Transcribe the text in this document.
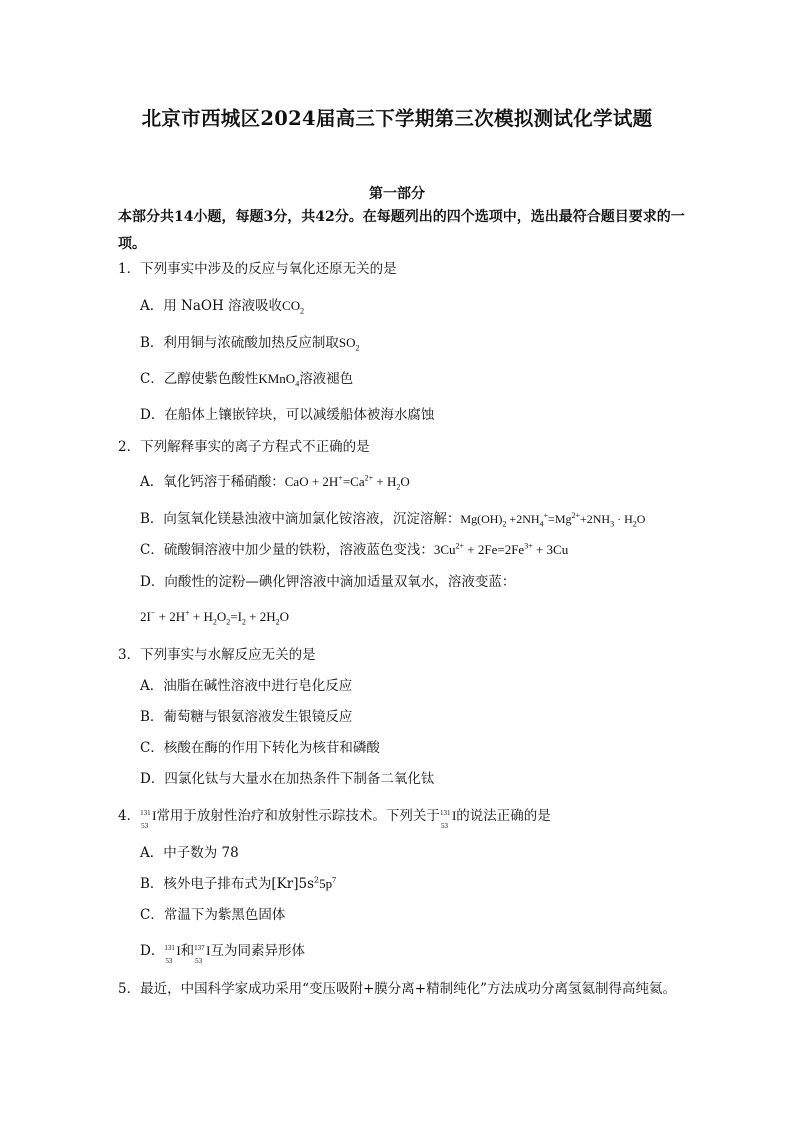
北京市西城区2024届高三下学期第三次模拟测试化学试题
第一部分
本部分共14小题，每题3分，共42分。在每题列出的四个选项中，选出最符合题目要求的一项。
1．下列事实中涉及的反应与氧化还原无关的是
A．用 NaOH 溶液吸收$CO_2$
B．利用铜与浓硫酸加热反应制取$SO_2$
C．乙醇使紫色酸性KMnO$_4$溶液褪色
D．在船体上镶嵌锌块，可以减缓船体被海水腐蚀
2．下列解释事实的离子方程式不正确的是
A．氧化钙溶于稀硝酸：CaO + $2H^+=Ca^{2+} + H_2O$
B．向氢氧化镁悬浊液中滴加氯化铵溶液，沉淀溶解：$Mg(OH)_2 +2NH_4^+=Mg^{2+}+2NH_3 \cdot H_2O$
C．硫酸铜溶液中加少量的铁粉，溶液蓝色变浅：$3Cu^{2+} + 2Fe=2Fe^{3+} + 3Cu$
D．向酸性的淀粉—碘化钾溶液中滴加适量双氧水，溶液变蓝：
$2I^- + 2H^+ + H_2O_2=I_2 + 2H_2O$
3．下列事实与水解反应无关的是
A．油脂在碱性溶液中进行皂化反应
B．葡萄糖与银氨溶液发生银镜反应
C．核酸在酶的作用下转化为核苷和磷酸
D．四氯化钛与大量水在加热条件下制备二氧化钛
4． 131
53
I常用于放射性治疗和放射性示踪技术。下列关于 131
53
I的说法正确的是
A．中子数为 78
B．核外电子排布式为$[Kr]5s^25p^7$
C．常温下为紫黑色固体
D． 131
53
I和 137
53
I互为同素异形体
5．最近，中国科学家成功采用“变压吸附+膜分离+精制纯化”方法成功分离氢氦制得高纯氦。
